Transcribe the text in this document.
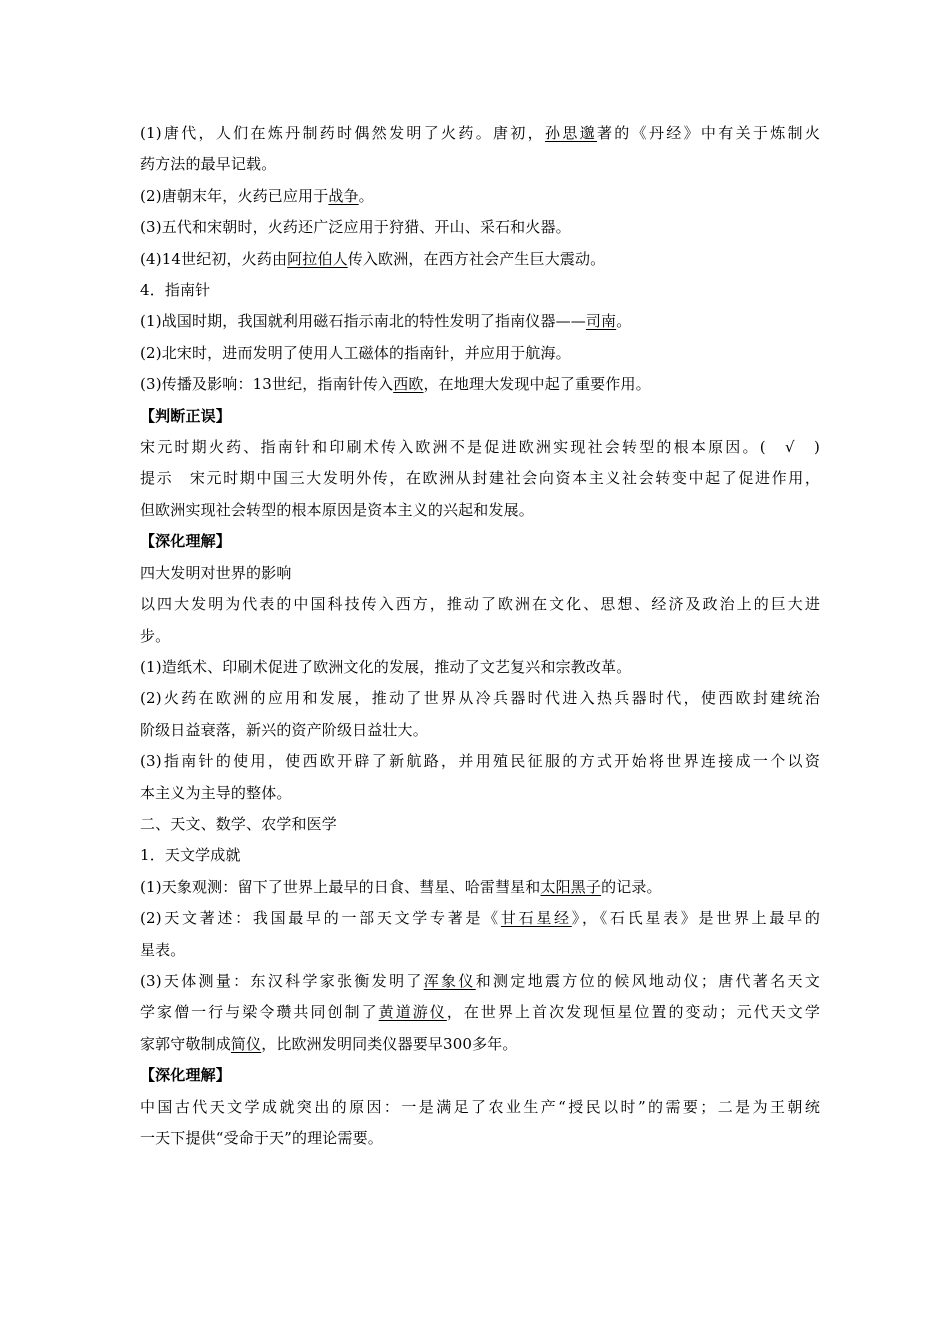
(1)唐代，人们在炼丹制药时偶然发明了火药。唐初，孙思邈著的《丹经》中有关于炼制火
药方法的最早记载。
(2)唐朝末年，火药已应用于战争。
(3)五代和宋朝时，火药还广泛应用于狩猎、开山、采石和火器。
(4)14世纪初，火药由阿拉伯人传入欧洲，在西方社会产生巨大震动。
4．指南针
(1)战国时期，我国就利用磁石指示南北的特性发明了指南仪器——司南。
(2)北宋时，进而发明了使用人工磁体的指南针，并应用于航海。
(3)传播及影响：13世纪，指南针传入西欧，在地理大发现中起了重要作用。
【判断正误】
宋元时期火药、指南针和印刷术传入欧洲不是促进欧洲实现社会转型的根本原因。(　√　)
提示　宋元时期中国三大发明外传，在欧洲从封建社会向资本主义社会转变中起了促进作用，
但欧洲实现社会转型的根本原因是资本主义的兴起和发展。
【深化理解】
四大发明对世界的影响
以四大发明为代表的中国科技传入西方，推动了欧洲在文化、思想、经济及政治上的巨大进
步。
(1)造纸术、印刷术促进了欧洲文化的发展，推动了文艺复兴和宗教改革。
(2)火药在欧洲的应用和发展，推动了世界从冷兵器时代进入热兵器时代，使西欧封建统治
阶级日益衰落，新兴的资产阶级日益壮大。
(3)指南针的使用，使西欧开辟了新航路，并用殖民征服的方式开始将世界连接成一个以资
本主义为主导的整体。
二、天文、数学、农学和医学
1．天文学成就
(1)天象观测：留下了世界上最早的日食、彗星、哈雷彗星和太阳黑子的记录。
(2)天文著述：我国最早的一部天文学专著是《甘石星经》，《石氏星表》是世界上最早的
星表。
(3)天体测量：东汉科学家张衡发明了浑象仪和测定地震方位的候风地动仪；唐代著名天文
学家僧一行与梁令瓒共同创制了黄道游仪，在世界上首次发现恒星位置的变动；元代天文学
家郭守敬制成简仪，比欧洲发明同类仪器要早300多年。
【深化理解】
中国古代天文学成就突出的原因：一是满足了农业生产“授民以时”的需要；二是为王朝统
一天下提供“受命于天”的理论需要。
